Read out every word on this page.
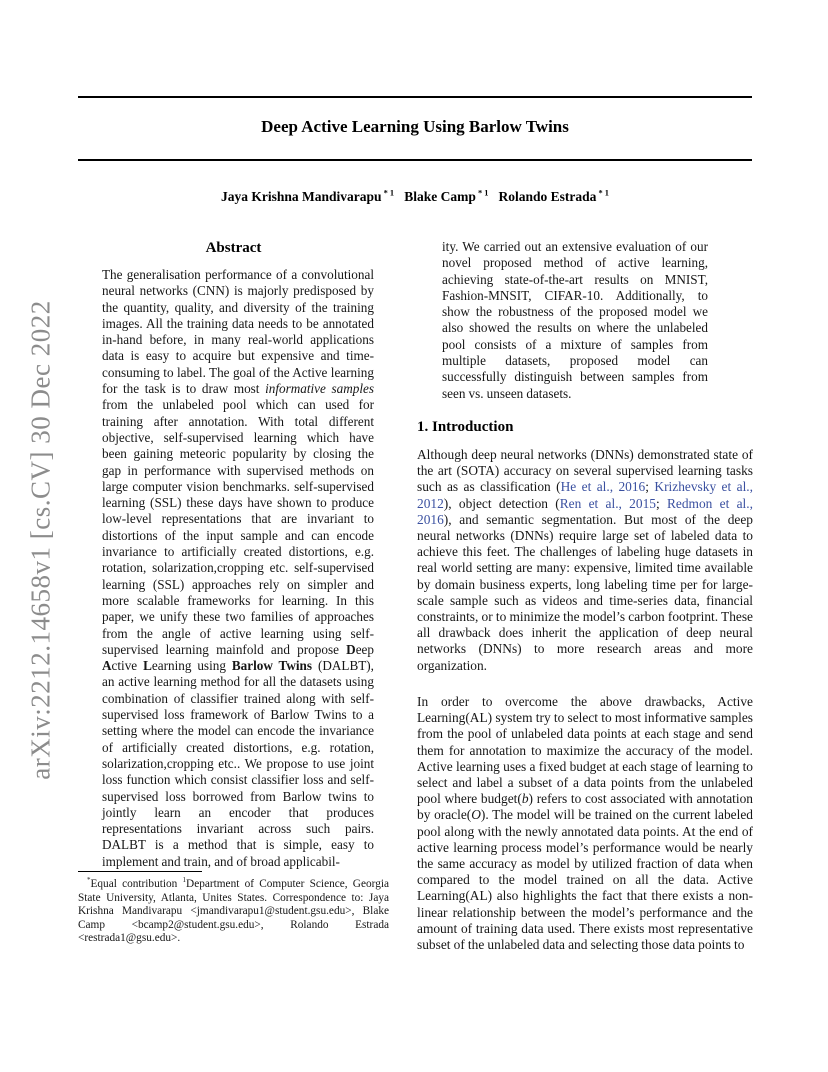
Deep Active Learning Using Barlow Twins
Jaya Krishna Mandivarapu $^{* 1}$ Blake Camp $^{* 1}$ Rolando Estrada $^{* 1}$
arXiv:2212.14658v1 [cs.CV] 30 Dec 2022
Abstract
The generalisation performance of a convolutional neural networks (CNN) is majorly predisposed by the quantity, quality, and diversity of the training images. All the training data needs to be annotated in-hand before, in many real-world applications data is easy to acquire but expensive and time-consuming to label. The goal of the Active learning for the task is to draw most informative samples from the unlabeled pool which can used for training after annotation. With total different objective, self-supervised learning which have been gaining meteoric popularity by closing the gap in performance with supervised methods on large computer vision benchmarks. self-supervised learning (SSL) these days have shown to produce low-level representations that are invariant to distortions of the input sample and can encode invariance to artificially created distortions, e.g. rotation, solarization,cropping etc. self-supervised learning (SSL) approaches rely on simpler and more scalable frameworks for learning. In this paper, we unify these two families of approaches from the angle of active learning using self-supervised learning mainfold and propose Deep Active Learning using Barlow Twins (DALBT), an active learning method for all the datasets using combination of classifier trained along with self-supervised loss framework of Barlow Twins to a setting where the model can encode the invariance of artificially created distortions, e.g. rotation, solarization,cropping etc.. We propose to use joint loss function which consist classifier loss and self-supervised loss borrowed from Barlow twins to jointly learn an encoder that produces representations invariant across such pairs. DALBT is a method that is simple, easy to implement and train, and of broad applicabil-
*Equal contribution $^1$Department of Computer Science, Georgia State University, Atlanta, Unites States. Correspondence to: Jaya Krishna Mandivarapu <jmandivarapu1@student.gsu.edu>, Blake Camp <bcamp2@student.gsu.edu>, Rolando Estrada <restrada1@gsu.edu>.
ity. We carried out an extensive evaluation of our novel proposed method of active learning, achieving state-of-the-art results on MNIST, Fashion-MNSIT, CIFAR-10. Additionally, to show the robustness of the proposed model we also showed the results on where the unlabeled pool consists of a mixture of samples from multiple datasets, proposed model can successfully distinguish between samples from seen vs. unseen datasets.
1. Introduction
Although deep neural networks (DNNs) demonstrated state of the art (SOTA) accuracy on several supervised learning tasks such as as classification (He et al., 2016; Krizhevsky et al., 2012), object detection (Ren et al., 2015; Redmon et al., 2016), and semantic segmentation. But most of the deep neural networks (DNNs) require large set of labeled data to achieve this feet. The challenges of labeling huge datasets in real world setting are many: expensive, limited time available by domain business experts, long labeling time per for large-scale sample such as videos and time-series data, financial constraints, or to minimize the model’s carbon footprint. These all drawback does inherit the application of deep neural networks (DNNs) to more research areas and more organization.
In order to overcome the above drawbacks, Active Learning(AL) system try to select to most informative samples from the pool of unlabeled data points at each stage and send them for annotation to maximize the accuracy of the model. Active learning uses a fixed budget at each stage of learning to select and label a subset of a data points from the unlabeled pool where budget(b) refers to cost associated with annotation by oracle(O). The model will be trained on the current labeled pool along with the newly annotated data points. At the end of active learning process model’s performance would be nearly the same accuracy as model by utilized fraction of data when compared to the model trained on all the data. Active Learning(AL) also highlights the fact that there exists a non-linear relationship between the model’s performance and the amount of training data used. There exists most representative subset of the unlabeled data and selecting those data points to
